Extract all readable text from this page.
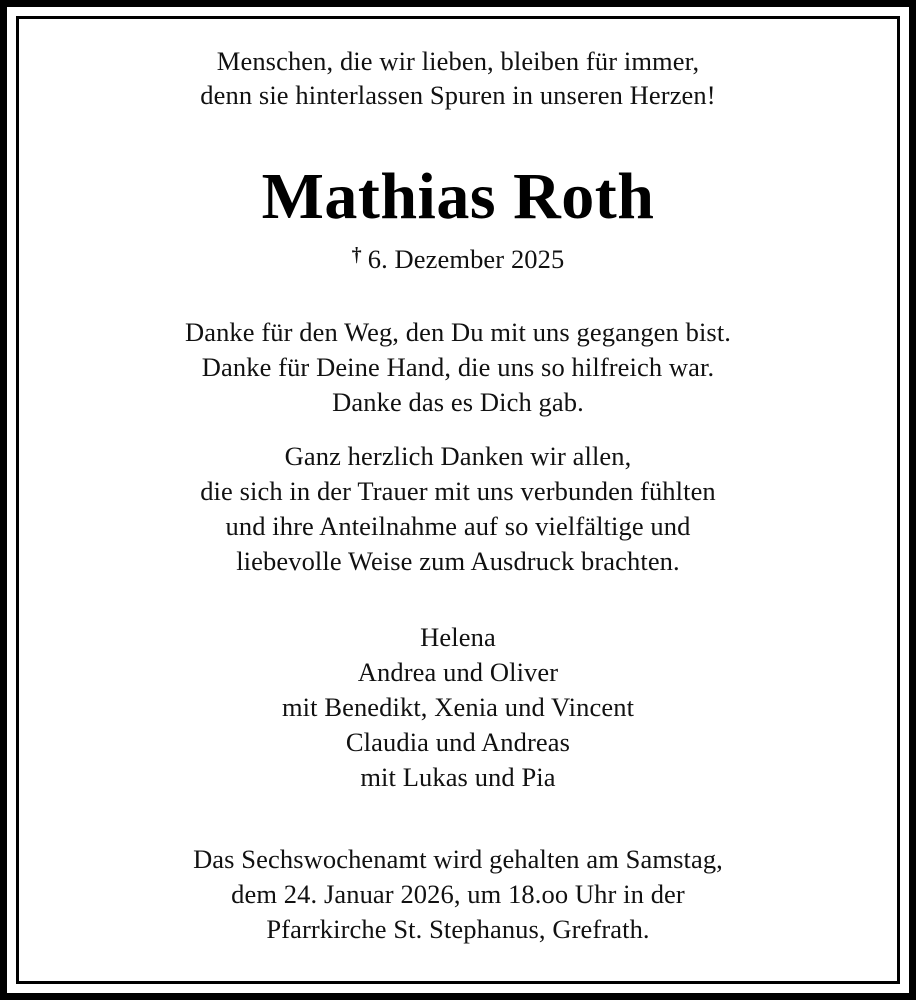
Menschen, die wir lieben, bleiben für immer,
denn sie hinterlassen Spuren in unseren Herzen!
Mathias Roth
† 6. Dezember 2025
Danke für den Weg, den Du mit uns gegangen bist.
Danke für Deine Hand, die uns so hilfreich war.
Danke das es Dich gab.
Ganz herzlich Danken wir allen,
die sich in der Trauer mit uns verbunden fühlten
und ihre Anteilnahme auf so vielfältige und
liebevolle Weise zum Ausdruck brachten.
Helena
Andrea und Oliver
mit Benedikt, Xenia und Vincent
Claudia und Andreas
mit Lukas und Pia
Das Sechswochenamt wird gehalten am Samstag,
dem 24. Januar 2026, um 18.oo Uhr in der
Pfarrkirche St. Stephanus, Grefrath.
